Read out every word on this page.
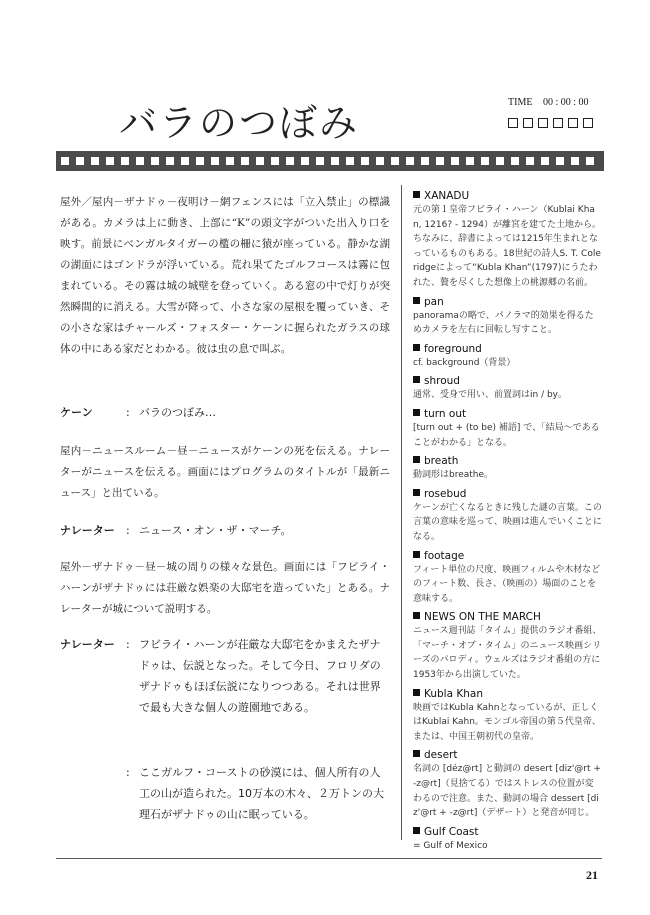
バラのつぼみ	TIME 00 : 00 : 00

屋外／屋内－ザナドゥ－夜明け－網フェンスには「立入禁止」の標識がある。カメラは上に動き、上部に“K”の頭文字がついた出入り口を映す。前景にベンガルタイガーの檻の柵に猿が座っている。静かな湖の湖面にはゴンドラが浮いている。荒れ果てたゴルフコースは霧に包まれている。その霧は城の城壁を登っていく。ある窓の中で灯りが突然瞬間的に消える。大雪が降って、小さな家の屋根を覆っていき、その小さな家はチャールズ・フォスター・ケーンに握られたガラスの球体の中にある家だとわかる。彼は虫の息で叫ぶ。

ケーン	: バラのつぼみ…

屋内－ニュースルーム－昼－ニュースがケーンの死を伝える。ナレーターがニュースを伝える。画面にはプログラムのタイトルが「最新ニュース」と出ている。

ナレーター	: ニュース・オン・ザ・マーチ。

屋外－ザナドゥ－昼－城の周りの様々な景色。画面には「フビライ・ハーンがザナドゥには荘厳な娯楽の大邸宅を造っていた」とある。ナレーターが城について説明する。

ナレーター	: フビライ・ハーンが荘厳な大邸宅をかまえたザナドゥは、伝説となった。そして今日、フロリダのザナドゥもほぼ伝説になりつつある。それは世界で最も大きな個人の遊園地である。
: ここガルフ・コーストの砂漠には、個人所有の人工の山が造られた。10万本の木々、２万トンの大理石がザナドゥの山に眠っている。
XANADU
元の第１皇帝フビライ・ハーン（Kublai Khan, 1216? - 1294）が離宮を建てた土地から。ちなみに、辞書によっては1215年生まれとなっているものもある。18世紀の詩人S. T. Coleridgeによって“Kubla Khan”(1797)にうたわれた、贅を尽くした想像上の桃源郷の名前。
pan
panoramaの略で、パノラマ的効果を得るためカメラを左右に回転し写すこと。
foreground
cf. background（背景）
shroud
通常、受身で用い、前置詞はin / by。
turn out
[turn out + (to be) 補語] で、「結局～であることがわかる」となる。
breath
動詞形はbreathe。
rosebud
ケーンが亡くなるときに残した謎の言葉。この言葉の意味を巡って、映画は進んでいくことになる。
footage
フィート単位の尺度、映画フィルムや木材などのフィート数、長さ、（映画の）場面のことを意味する。
NEWS ON THE MARCH
ニュース週刊誌「タイム」提供のラジオ番組、「マーチ・オブ・タイム」のニュース映画シリーズのパロディ。ウェルズはラジオ番組の方に1953年から出演していた。
Kubla Khan
映画ではKubla Kahnとなっているが、正しくはKublai Kahn。モンゴル帝国の第５代皇帝、または、中国王朝初代の皇帝。
desert
名詞の [déz@rt] と動詞の desert [diz'@rt + -z@rt]（見捨てる）ではストレスの位置が変わるので注意。また、動詞の場合 dessert [diz'@rt + -z@rt]（デザート）と発音が同じ。
Gulf Coast
= Gulf of Mexico
21
